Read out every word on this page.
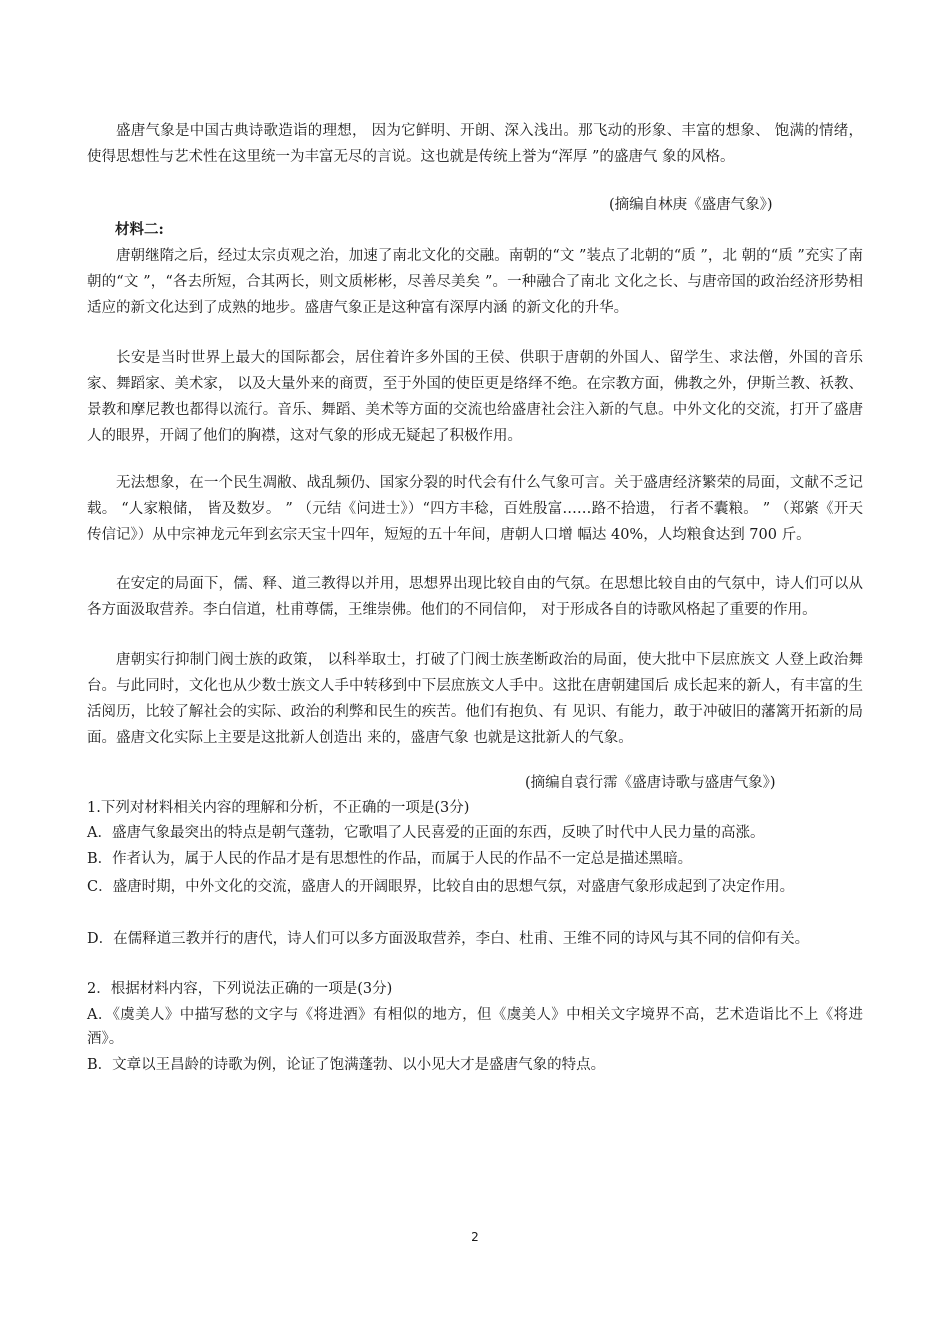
盛唐气象是中国古典诗歌造诣的理想， 因为它鲜明、开朗、深入浅出。那飞动的形象、丰富的想象、 饱满的情绪，使得思想性与艺术性在这里统一为丰富无尽的言说。这也就是传统上誉为“浑厚 ”的盛唐气 象的风格。

(摘编自林庚《盛唐气象》)

材料二:

唐朝继隋之后，经过太宗贞观之治，加速了南北文化的交融。南朝的“文 ”装点了北朝的“质 ”，北 朝的“质 ”充实了南朝的“文 ”，“各去所短，合其两长，则文质彬彬，尽善尽美矣 ”。一种融合了南北 文化之长、与唐帝国的政治经济形势相适应的新文化达到了成熟的地步。盛唐气象正是这种富有深厚内涵 的新文化的升华。

长安是当时世界上最大的国际都会，居住着许多外国的王侯、供职于唐朝的外国人、留学生、求法僧，外国的音乐家、舞蹈家、美术家， 以及大量外来的商贾，至于外国的使臣更是络绎不绝。在宗教方面，佛教之外，伊斯兰教、袄教、景教和摩尼教也都得以流行。音乐、舞蹈、美术等方面的交流也给盛唐社会注入新的气息。中外文化的交流，打开了盛唐人的眼界，开阔了他们的胸襟，这对气象的形成无疑起了积极作用。

无法想象，在一个民生凋敝、战乱频仍、国家分裂的时代会有什么气象可言。关于盛唐经济繁荣的局面，文献不乏记载。 “人家粮储， 皆及数岁。 ” （元结《问进士》）“四方丰稔，百姓殷富……路不拾遗， 行者不囊粮。 ” （郑綮《开天传信记》）从中宗神龙元年到玄宗天宝十四年，短短的五十年间，唐朝人口增 幅达 40%，人均粮食达到 700 斤。

在安定的局面下，儒、释、道三教得以并用，思想界出现比较自由的气氛。在思想比较自由的气氛中，诗人们可以从各方面汲取营养。李白信道，杜甫尊儒，王维崇佛。他们的不同信仰， 对于形成各自的诗歌风格起了重要的作用。

唐朝实行抑制门阀士族的政策， 以科举取士，打破了门阀士族垄断政治的局面，使大批中下层庶族文 人登上政治舞台。与此同时，文化也从少数士族文人手中转移到中下层庶族文人手中。这批在唐朝建国后 成长起来的新人，有丰富的生活阅历，比较了解社会的实际、政治的利弊和民生的疾苦。他们有抱负、有 见识、有能力，敢于冲破旧的藩篱开拓新的局面。盛唐文化实际上主要是这批新人创造出 来的，盛唐气象 也就是这批新人的气象。

(摘编自袁行霈《盛唐诗歌与盛唐气象》)

1.下列对材料相关内容的理解和分析，不正确的一项是(3分)

A．盛唐气象最突出的特点是朝气蓬勃，它歌唱了人民喜爱的正面的东西，反映了时代中人民力量的高涨。

B．作者认为，属于人民的作品才是有思想性的作品，而属于人民的作品不一定总是描述黑暗。

C．盛唐时期，中外文化的交流，盛唐人的开阔眼界，比较自由的思想气氛，对盛唐气象形成起到了决定作用。

D．在儒释道三教并行的唐代，诗人们可以多方面汲取营养，李白、杜甫、王维不同的诗风与其不同的信仰有关。

2．根据材料内容，下列说法正确的一项是(3分)

A．《虞美人》中描写愁的文字与《将进酒》有相似的地方，但《虞美人》中相关文字境界不高，艺术造诣比不上《将进酒》。

B．文章以王昌龄的诗歌为例，论证了饱满蓬勃、以小见大才是盛唐气象的特点。

2
